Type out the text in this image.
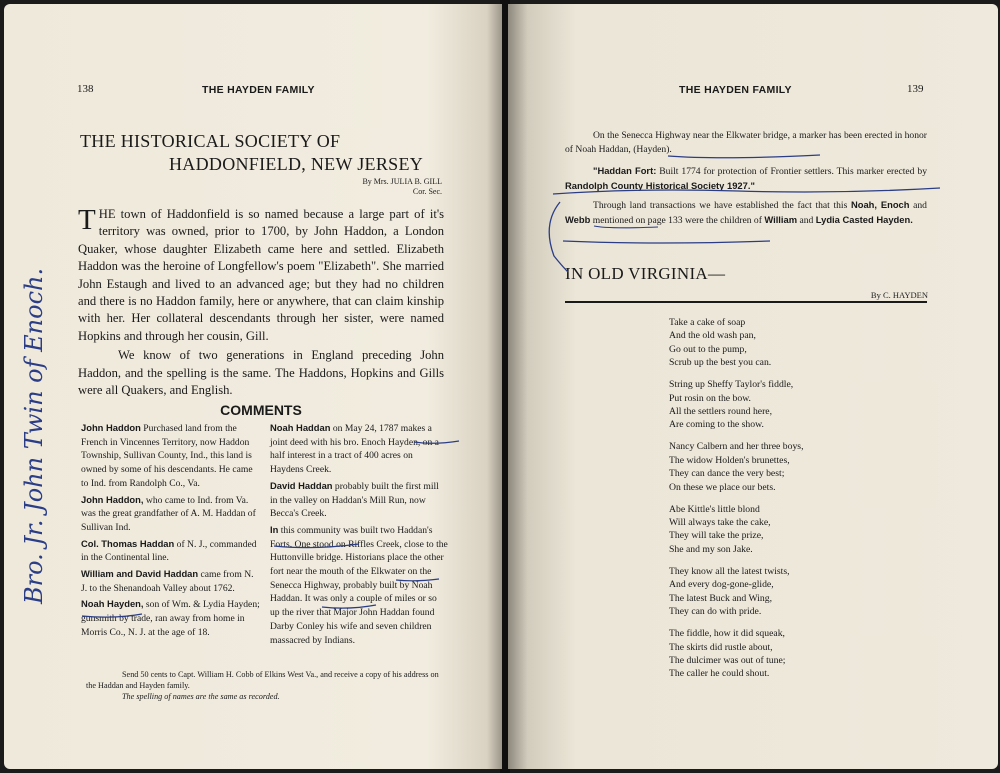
138	THE HAYDEN FAMILY
THE HISTORICAL SOCIETY OF
HADDONFIELD, NEW JERSEY
By Mrs. JULIA B. GILL
Cor. Sec.
THE town of Haddonfield is so named because a large part of it's territory was owned, prior to 1700, by John Haddon, a London Quaker, whose daughter Elizabeth came here and settled. Elizabeth Haddon was the heroine of Longfellow's poem "Elizabeth". She married John Estaugh and lived to an advanced age; but they had no children and there is no Haddon family, here or anywhere, that can claim kinship with her. Her collateral descendants through her sister, were named Hopkins and through her cousin, Gill.
We know of two generations in England preceding John Haddon, and the spelling is the same. The Haddons, Hopkins and Gills were all Quakers, and English.
COMMENTS

John Haddon Purchased land from the French in Vincennes Territory, now Haddon Township, Sullivan County, Ind., this land is owned by some of his descendants. He came to Ind. from Randolph Co., Va.

John Haddon, who came to Ind. from Va. was the great grandfather of A. M. Haddan of Sullivan Ind.

Col. Thomas Haddan of N. J., commanded in the Continental line.

William and David Haddan came from N. J. to the Shenandoah Valley about 1762.

Noah Hayden, son of Wm. & Lydia Hayden; gunsmith by trade, ran away from home in Morris Co., N. J. at the age of 18.

Noah Haddan on May 24, 1787 makes a joint deed with his bro. Enoch Hayden, on a half interest in a tract of 400 acres on Haydens Creek.

David Haddan probably built the first mill in the valley on Haddan's Mill Run, now Becca's Creek.

In this community was built two Haddan's Forts. One stood on Riffles Creek, close to the Huttonville bridge. Historians place the other fort near the mouth of the Elkwater on the Senecca Highway, probably built by Noah Haddan. It was only a couple of miles or so up the river that Major John Haddan found Darby Conley his wife and seven children massacred by Indians.

Send 50 cents to Capt. William H. Cobb of Elkins West Va., and receive a copy of his address on the Haddan and Hayden family.
The spelling of names are the same as recorded.
Bro. Jr. John Twin of Enoch.
THE HAYDEN FAMILY	139
On the Senecca Highway near the Elkwater bridge, a marker has been erected in honor of Noah Haddan, (Hayden).
"Haddan Fort: Built 1774 for protection of Frontier settlers. This marker erected by Randolph County Historical Society 1927."
Through land transactions we have established the fact that this Noah, Enoch and Webb mentioned on page 133 were the children of William and Lydia Casted Hayden.
IN OLD VIRGINIA—
By C. HAYDEN
Take a cake of soap
And the old wash pan,
Go out to the pump,
Scrub up the best you can.
String up Sheffy Taylor's fiddle,
Put rosin on the bow.
All the settlers round here,
Are coming to the show.
Nancy Calbern and her three boys,
The widow Holden's brunettes,
They can dance the very best;
On these we place our bets.
Abe Kittle's little blond
Will always take the cake,
They will take the prize,
She and my son Jake.
They know all the latest twists,
And every dog-gone-glide,
The latest Buck and Wing,
They can do with pride.
The fiddle, how it did squeak,
The skirts did rustle about,
The dulcimer was out of tune;
The caller he could shout.
